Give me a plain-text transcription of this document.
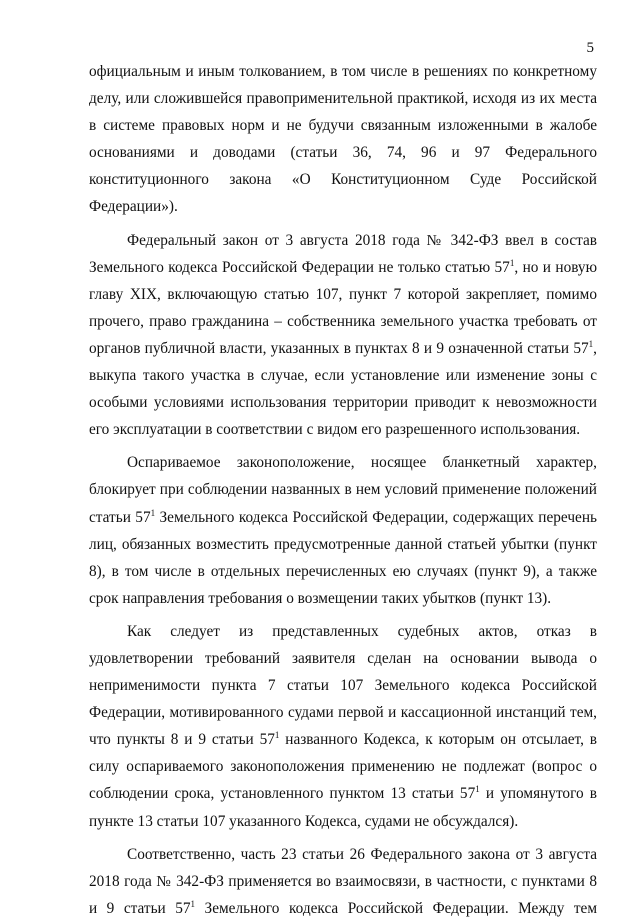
5
официальным и иным толкованием, в том числе в решениях по конкретному
делу, или сложившейся правоприменительной практикой, исходя из их места
в системе правовых норм и не будучи связанным изложенными в жалобе
основаниями и доводами (статьи 36, 74, 96 и 97 Федерального
конституционного закона «О Конституционном Суде Российской
Федерации»).
Федеральный закон от 3 августа 2018 года № 342-ФЗ ввел в состав
Земельного кодекса Российской Федерации не только статью $57^1$, но и новую
главу XIX, включающую статью 107, пункт 7 которой закрепляет, помимо
прочего, право гражданина – собственника земельного участка требовать от
органов публичной власти, указанных в пунктах 8 и 9 означенной статьи $57^1$,
выкупа такого участка в случае, если установление или изменение зоны с
особыми условиями использования территории приводит к невозможности
его эксплуатации в соответствии с видом его разрешенного использования.
Оспариваемое законоположение, носящее бланкетный характер,
блокирует при соблюдении названных в нем условий применение положений
статьи $57^1$ Земельного кодекса Российской Федерации, содержащих перечень
лиц, обязанных возместить предусмотренные данной статьей убытки (пункт
8), в том числе в отдельных перечисленных ею случаях (пункт 9), а также
срок направления требования о возмещении таких убытков (пункт 13).
Как следует из представленных судебных актов, отказ в
удовлетворении требований заявителя сделан на основании вывода о
неприменимости пункта 7 статьи 107 Земельного кодекса Российской
Федерации, мотивированного судами первой и кассационной инстанций тем,
что пункты 8 и 9 статьи $57^1$ названного Кодекса, к которым он отсылает, в
силу оспариваемого законоположения применению не подлежат (вопрос о
соблюдении срока, установленного пунктом 13 статьи $57^1$ и упомянутого в
пункте 13 статьи 107 указанного Кодекса, судами не обсуждался).
Соответственно, часть 23 статьи 26 Федерального закона от 3 августа
2018 года № 342-ФЗ применяется во взаимосвязи, в частности, с пунктами 8
и 9 статьи $57^1$ Земельного кодекса Российской Федерации. Между тем
